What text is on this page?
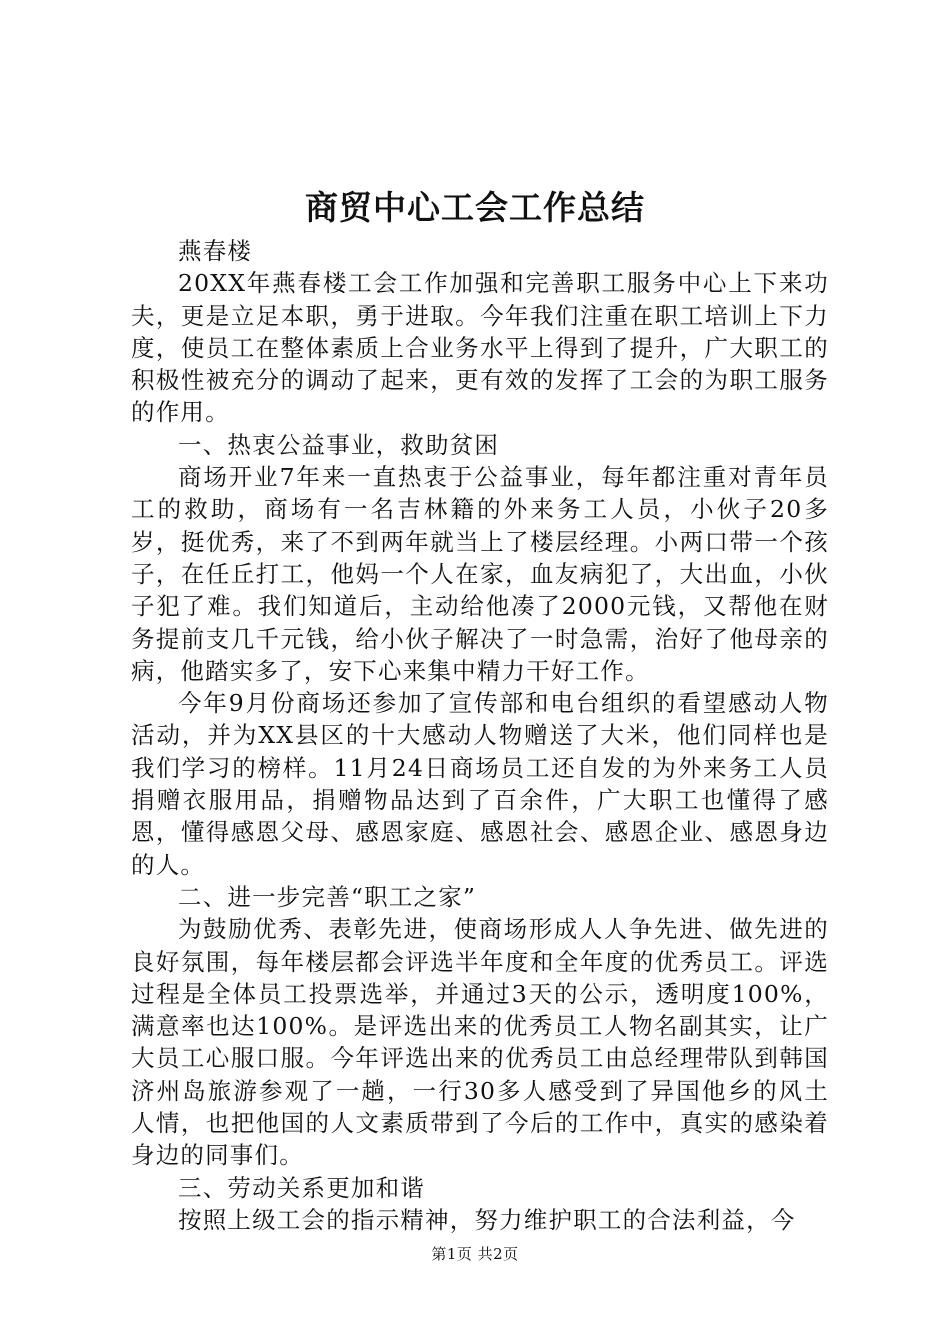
商贸中心工会工作总结

燕春楼

20XX年燕春楼工会工作加强和完善职工服务中心上下来功夫，更是立足本职，勇于进取。今年我们注重在职工培训上下力度，使员工在整体素质上合业务水平上得到了提升，广大职工的积极性被充分的调动了起来，更有效的发挥了工会的为职工服务的作用。

一、热衷公益事业，救助贫困

商场开业7年来一直热衷于公益事业，每年都注重对青年员工的救助，商场有一名吉林籍的外来务工人员，小伙子20多岁，挺优秀，来了不到两年就当上了楼层经理。小两口带一个孩子，在任丘打工，他妈一个人在家，血友病犯了，大出血，小伙子犯了难。我们知道后，主动给他凑了2000元钱，又帮他在财务提前支几千元钱，给小伙子解决了一时急需，治好了他母亲的病，他踏实多了，安下心来集中精力干好工作。

今年9月份商场还参加了宣传部和电台组织的看望感动人物活动，并为XX县区的十大感动人物赠送了大米，他们同样也是我们学习的榜样。11月24日商场员工还自发的为外来务工人员捐赠衣服用品，捐赠物品达到了百余件，广大职工也懂得了感恩，懂得感恩父母、感恩家庭、感恩社会、感恩企业、感恩身边的人。

二、进一步完善“职工之家”

为鼓励优秀、表彰先进，使商场形成人人争先进、做先进的良好氛围，每年楼层都会评选半年度和全年度的优秀员工。评选过程是全体员工投票选举，并通过3天的公示，透明度100%，满意率也达100%。是评选出来的优秀员工人物名副其实，让广大员工心服口服。今年评选出来的优秀员工由总经理带队到韩国济州岛旅游参观了一趟，一行30多人感受到了异国他乡的风土人情，也把他国的人文素质带到了今后的工作中，真实的感染着身边的同事们。

三、劳动关系更加和谐

按照上级工会的指示精神，努力维护职工的合法利益，今

第1页 共2页
